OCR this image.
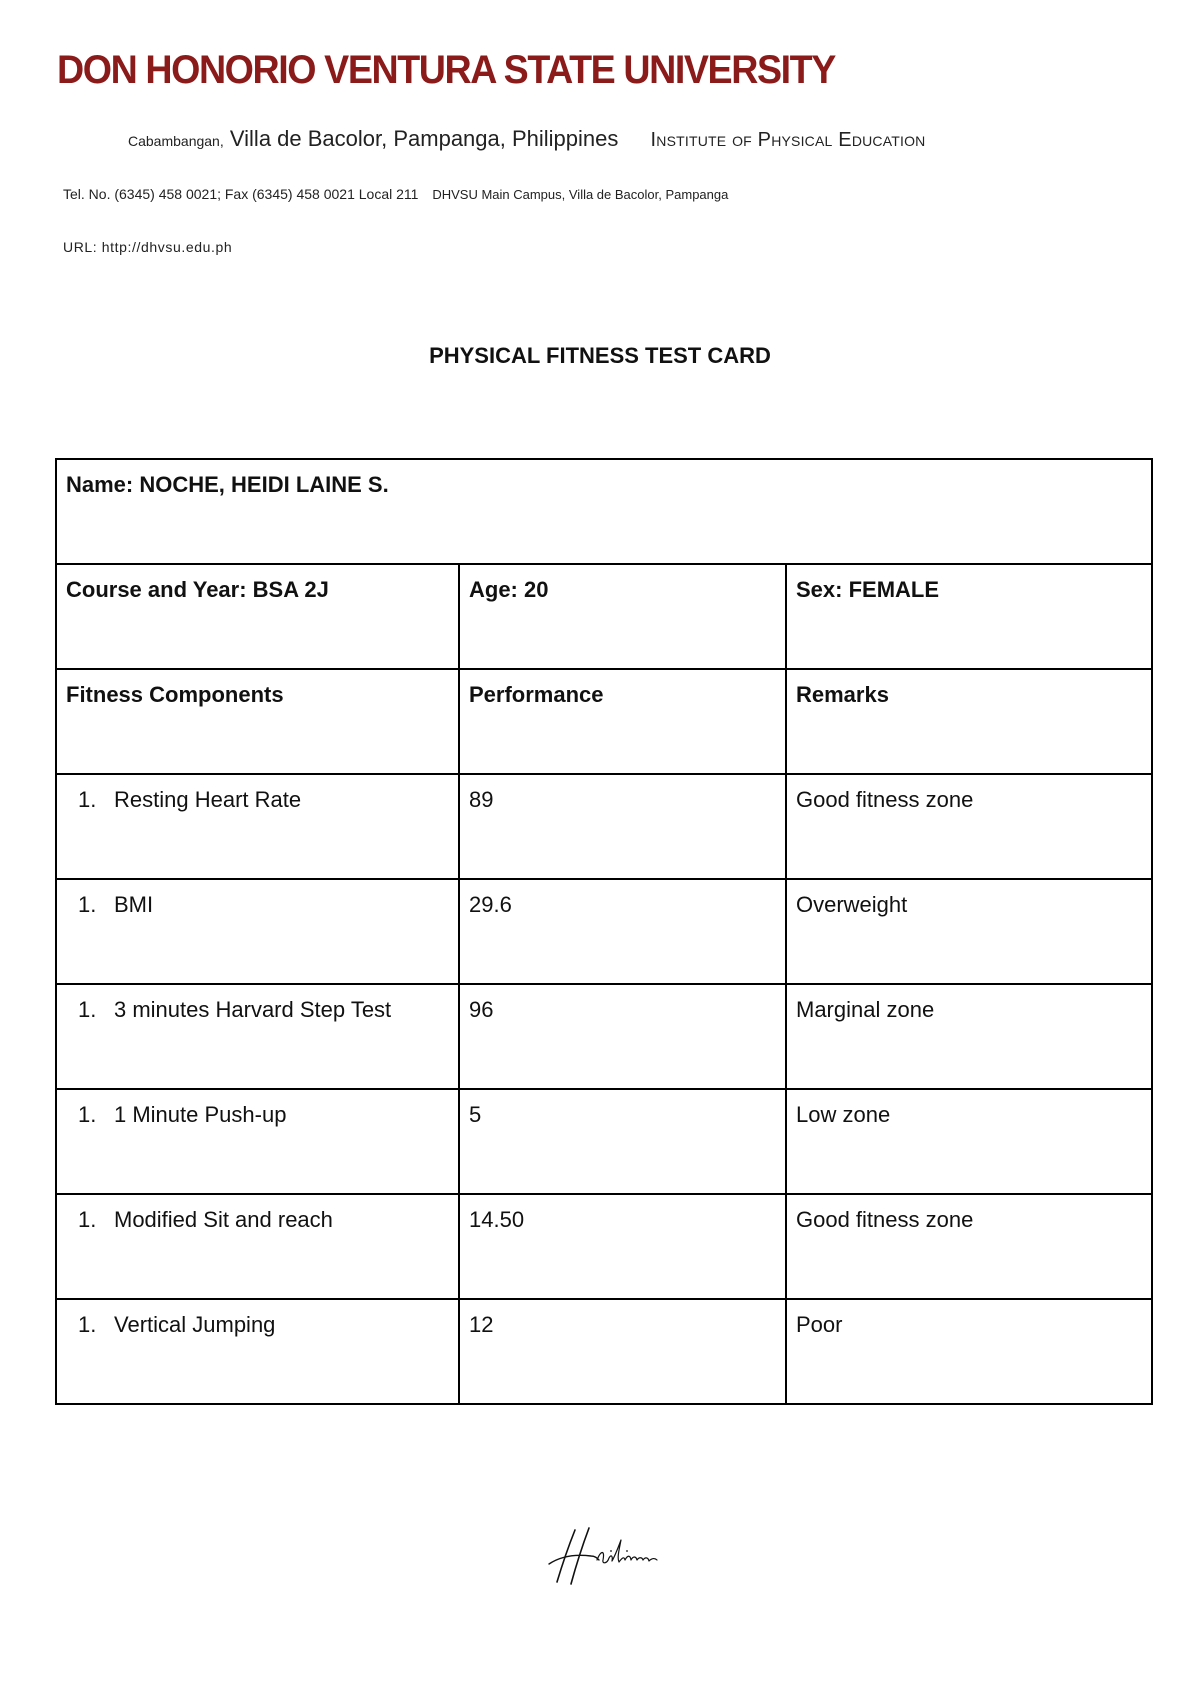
DON HONORIO VENTURA STATE UNIVERSITY
Cabambangan, Villa de Bacolor, Pampanga, Philippines Institute of Physical Education
Tel. No. (6345) 458 0021; Fax (6345) 458 0021 Local 211 DHVSU Main Campus, Villa de Bacolor, Pampanga
URL: http://dhvsu.edu.ph
PHYSICAL FITNESS TEST CARD
Name: NOCHE, HEIDI LAINE S.		
Course and Year: BSA 2J	Age: 20	Sex: FEMALE
Fitness Components	Performance	Remarks
1. Resting Heart Rate	89	Good fitness zone
1. BMI	29.6	Overweight
1. 3 minutes Harvard Step Test	96	Marginal zone
1. 1 Minute Push-up	5	Low zone
1. Modified Sit and reach	14.50	Good fitness zone
1. Vertical Jumping	12	Poor
